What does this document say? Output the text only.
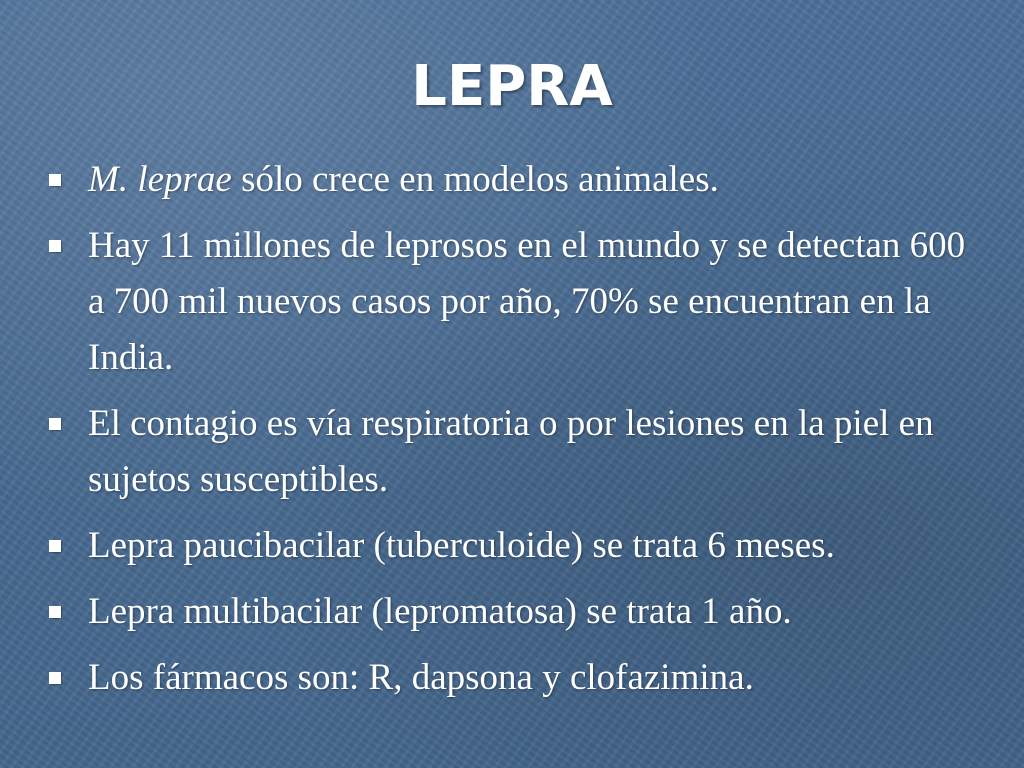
LEPRA
M. leprae sólo crece en modelos animales.
Hay 11 millones de leprosos en el mundo y se detectan 600 a 700 mil nuevos casos por año, 70% se encuentran en la India.
El contagio es vía respiratoria o por lesiones en la piel en sujetos susceptibles.
Lepra paucibacilar (tuberculoide) se trata 6 meses.
Lepra multibacilar (lepromatosa) se trata 1 año.
Los fármacos son: R, dapsona y clofazimina.
